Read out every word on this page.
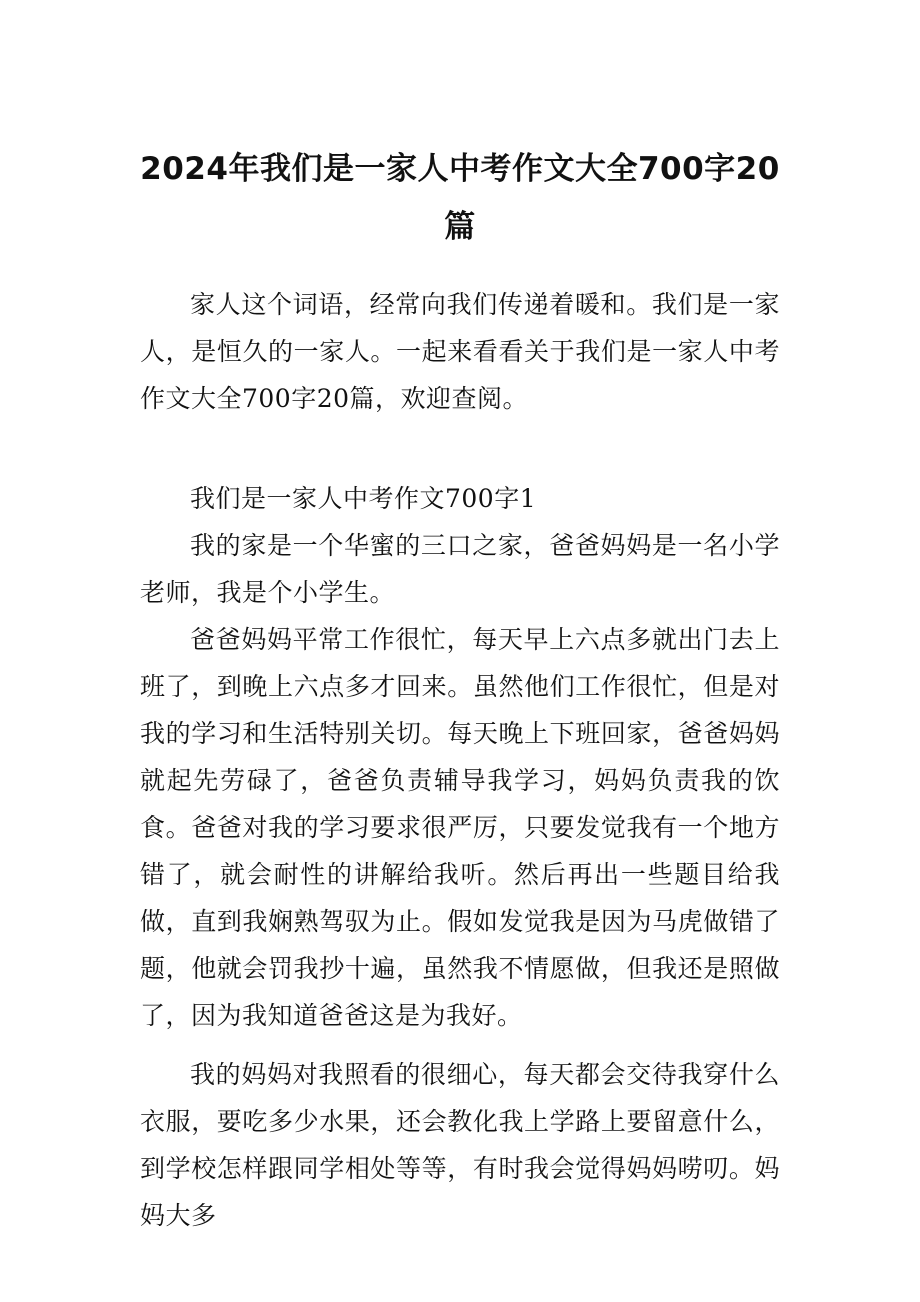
2024年我们是一家人中考作文大全700字20篇

家人这个词语，经常向我们传递着暖和。我们是一家人，是恒久的一家人。一起来看看关于我们是一家人中考作文大全700字20篇，欢迎查阅。

我们是一家人中考作文700字1

我的家是一个华蜜的三口之家，爸爸妈妈是一名小学老师，我是个小学生。

爸爸妈妈平常工作很忙，每天早上六点多就出门去上班了，到晚上六点多才回来。虽然他们工作很忙，但是对我的学习和生活特别关切。每天晚上下班回家，爸爸妈妈就起先劳碌了，爸爸负责辅导我学习，妈妈负责我的饮食。爸爸对我的学习要求很严厉，只要发觉我有一个地方错了，就会耐性的讲解给我听。然后再出一些题目给我做，直到我娴熟驾驭为止。假如发觉我是因为马虎做错了题，他就会罚我抄十遍，虽然我不情愿做，但我还是照做了，因为我知道爸爸这是为我好。

我的妈妈对我照看的很细心，每天都会交待我穿什么衣服，要吃多少水果，还会教化我上学路上要留意什么，到学校怎样跟同学相处等等，有时我会觉得妈妈唠叨。妈妈大多
